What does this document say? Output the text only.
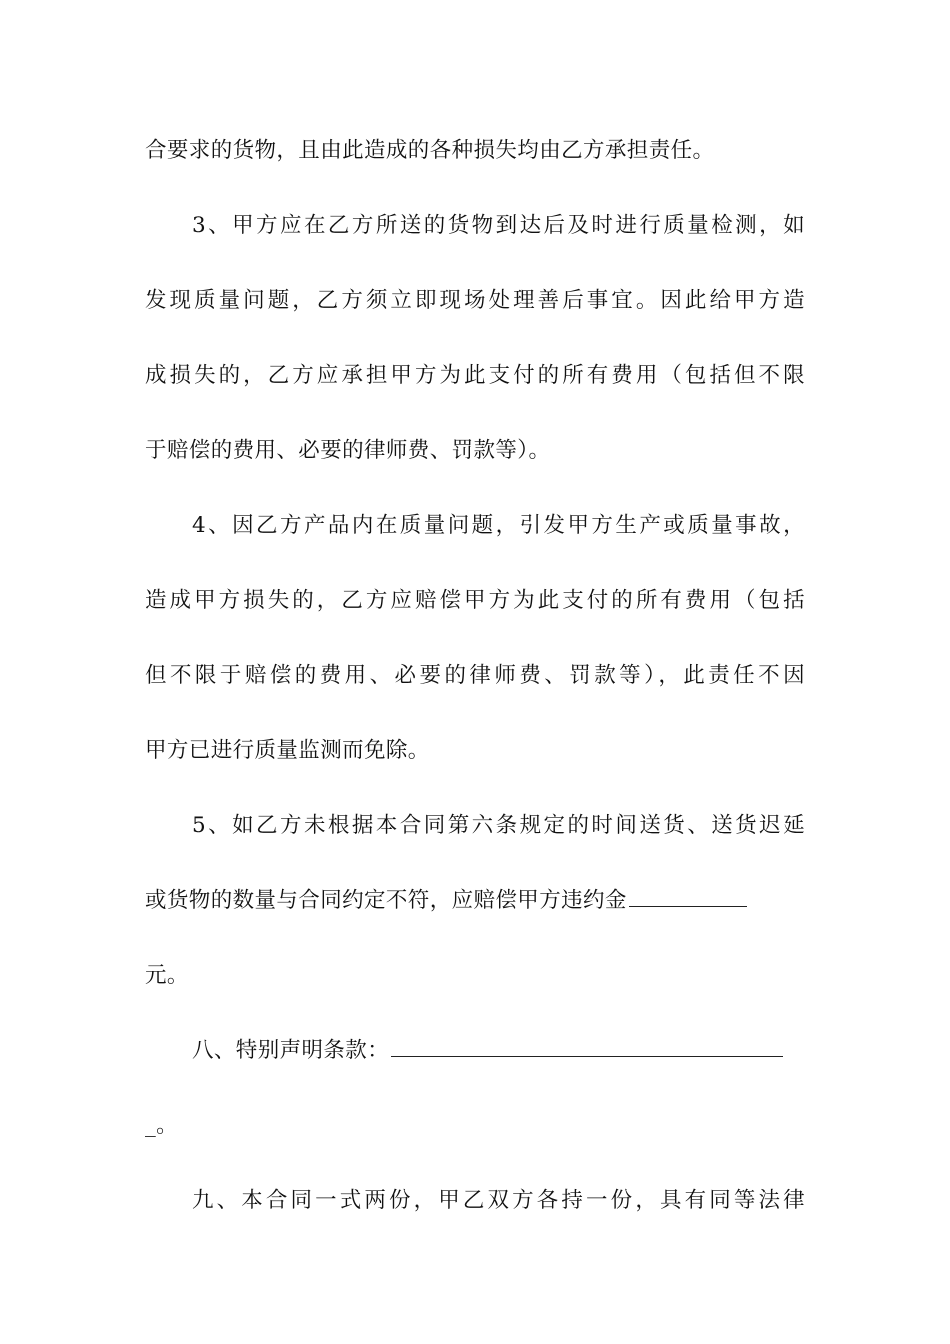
合要求的货物，且由此造成的各种损失均由乙方承担责任。
3、甲方应在乙方所送的货物到达后及时进行质量检测，如
发现质量问题，乙方须立即现场处理善后事宜。因此给甲方造
成损失的，乙方应承担甲方为此支付的所有费用（包括但不限
于赔偿的费用、必要的律师费、罚款等）。
4、因乙方产品内在质量问题，引发甲方生产或质量事故，
造成甲方损失的，乙方应赔偿甲方为此支付的所有费用（包括
但不限于赔偿的费用、必要的律师费、罚款等），此责任不因
甲方已进行质量监测而免除。
5、如乙方未根据本合同第六条规定的时间送货、送货迟延
或货物的数量与合同约定不符，应赔偿甲方违约金
元。
八、特别声明条款：
_。
九、本合同一式两份，甲乙双方各持一份，具有同等法律
